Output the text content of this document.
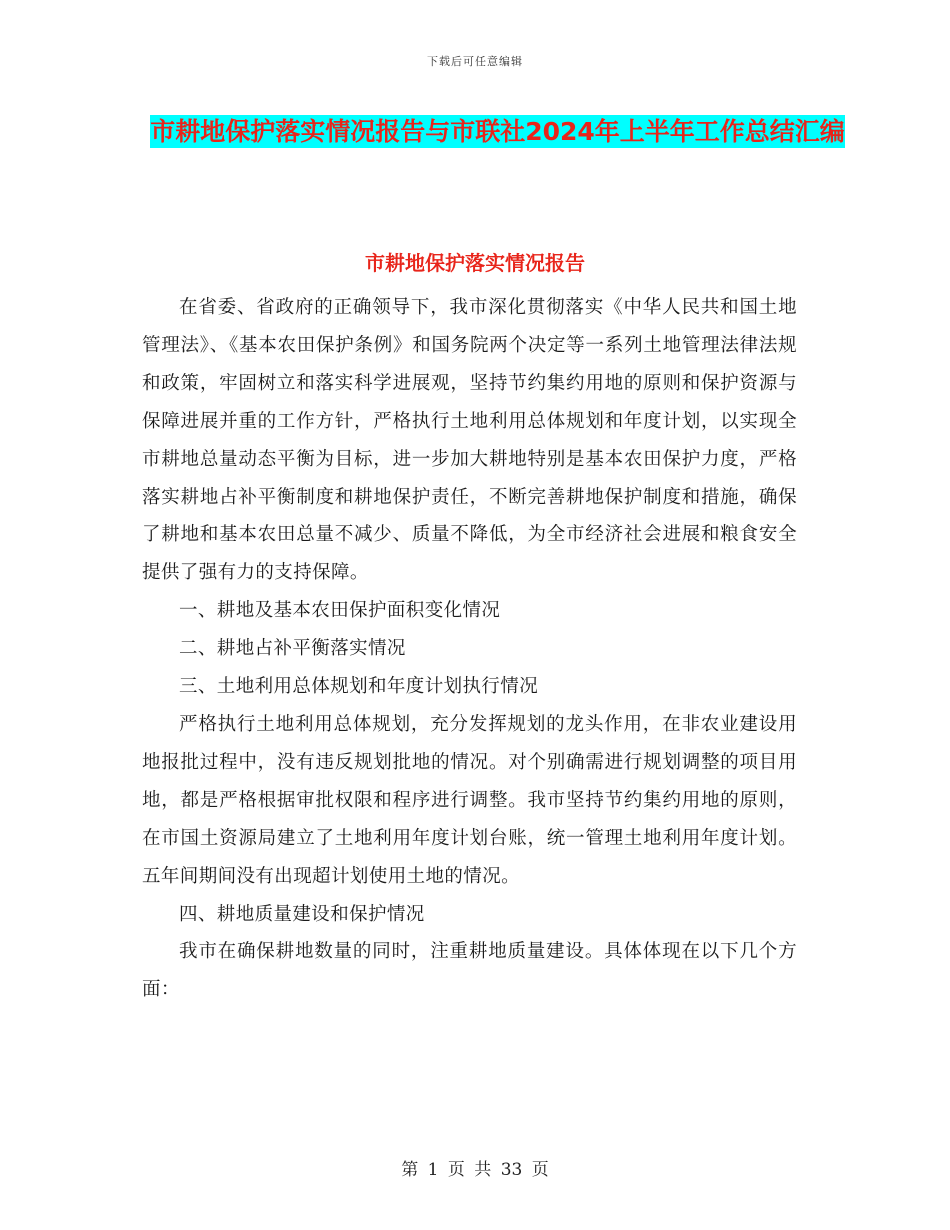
下载后可任意编辑
市耕地保护落实情况报告与市联社2024年上半年工作总结汇编
市耕地保护落实情况报告

在省委、省政府的正确领导下，我市深化贯彻落实《中华人民共和国土地管理法》、《基本农田保护条例》和国务院两个决定等一系列土地管理法律法规和政策，牢固树立和落实科学进展观，坚持节约集约用地的原则和保护资源与保障进展并重的工作方针，严格执行土地利用总体规划和年度计划，以实现全市耕地总量动态平衡为目标，进一步加大耕地特别是基本农田保护力度，严格落实耕地占补平衡制度和耕地保护责任，不断完善耕地保护制度和措施，确保了耕地和基本农田总量不减少、质量不降低，为全市经济社会进展和粮食安全提供了强有力的支持保障。

一、耕地及基本农田保护面积变化情况

二、耕地占补平衡落实情况

三、土地利用总体规划和年度计划执行情况

严格执行土地利用总体规划，充分发挥规划的龙头作用，在非农业建设用地报批过程中，没有违反规划批地的情况。对个别确需进行规划调整的项目用地，都是严格根据审批权限和程序进行调整。我市坚持节约集约用地的原则，在市国土资源局建立了土地利用年度计划台账，统一管理土地利用年度计划。五年间期间没有出现超计划使用土地的情况。

四、耕地质量建设和保护情况

我市在确保耕地数量的同时，注重耕地质量建设。具体体现在以下几个方面：

第 1 页 共 33 页
